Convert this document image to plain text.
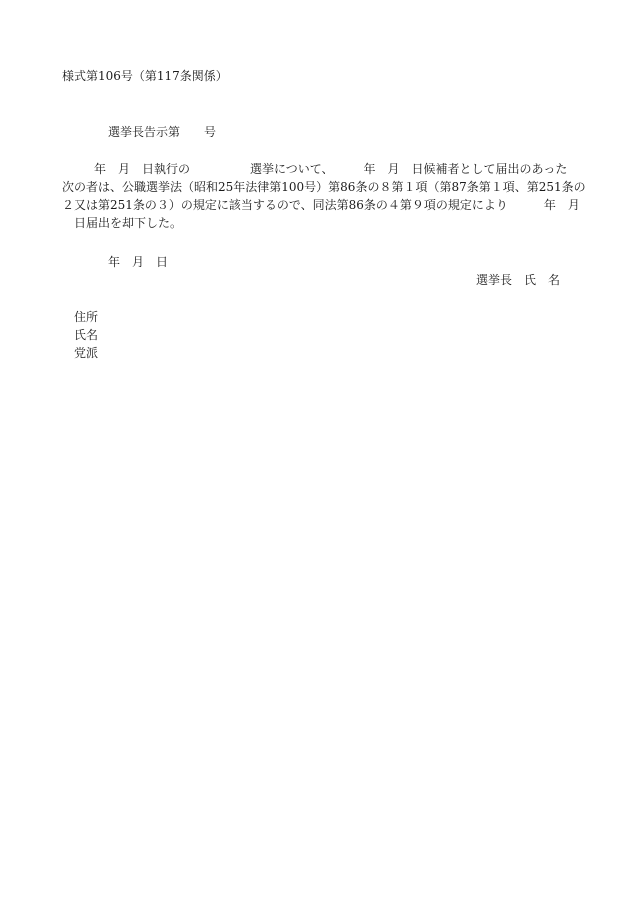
様式第106号（第117条関係）
選挙長告示第　　号
年　月　日執行の　　　　　選挙について、　　　年　月　日候補者として届出のあった
次の者は、公職選挙法（昭和25年法律第100号）第86条の８第１項（第87条第１項、第251条の
２又は第251条の３）の規定に該当するので、同法第86条の４第９項の規定により　　　年　月
日届出を却下した。
年　月　日
選挙長　氏　名
住所
氏名
党派
